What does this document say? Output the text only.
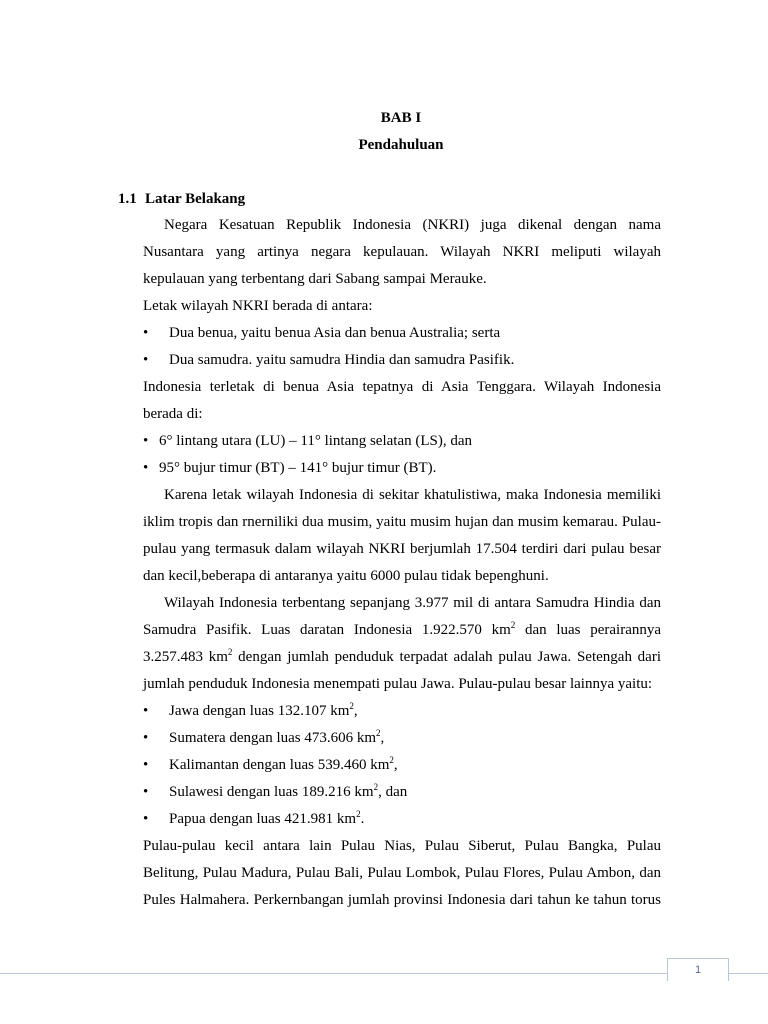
BAB I
Pendahuluan
1.1 Latar Belakang
Negara Kesatuan Republik Indonesia (NKRI) juga dikenal dengan nama
Nusantara yang artinya negara kepulauan. Wilayah NKRI meliputi wilayah
kepulauan yang terbentang dari Sabang sampai Merauke.
Letak wilayah NKRI berada di antara:
•	Dua benua, yaitu benua Asia dan benua Australia; serta
•	Dua samudra. yaitu samudra Hindia dan samudra Pasifik.
Indonesia terletak di benua Asia tepatnya di Asia Tenggara. Wilayah Indonesia
berada di:
• 6° lintang utara (LU) – 11° lintang selatan (LS), dan
• 95° bujur timur (BT) – 141° bujur timur (BT).
Karena letak wilayah Indonesia di sekitar khatulistiwa, maka Indonesia memiliki
iklim tropis dan rnerniliki dua musim, yaitu musim hujan dan musim kemarau. Pulau-
pulau yang termasuk dalam wilayah NKRI berjumlah 17.504 terdiri dari pulau besar
dan kecil,beberapa di antaranya yaitu 6000 pulau tidak bepenghuni.
Wilayah Indonesia terbentang sepanjang 3.977 mil di antara Samudra Hindia dan
Samudra Pasifik. Luas daratan Indonesia 1.922.570 $km^2$ dan luas perairannya
3.257.483 $km^2$ dengan jumlah penduduk terpadat adalah pulau Jawa. Setengah dari
jumlah penduduk Indonesia menempati pulau Jawa. Pulau-pulau besar lainnya yaitu:
•	Jawa dengan luas 132.107 $km^2$,
•	Sumatera dengan luas 473.606 $km^2$,
•	Kalimantan dengan luas 539.460 $km^2$,
•	Sulawesi dengan luas 189.216 $km^2$, dan
•	Papua dengan luas 421.981 $km^2$.
Pulau-pulau kecil antara lain Pulau Nias, Pulau Siberut, Pulau Bangka, Pulau
Belitung, Pulau Madura, Pulau Bali, Pulau Lombok, Pulau Flores, Pulau Ambon, dan
Pules Halmahera. Perkernbangan jumlah provinsi Indonesia dari tahun ke tahun torus
1
